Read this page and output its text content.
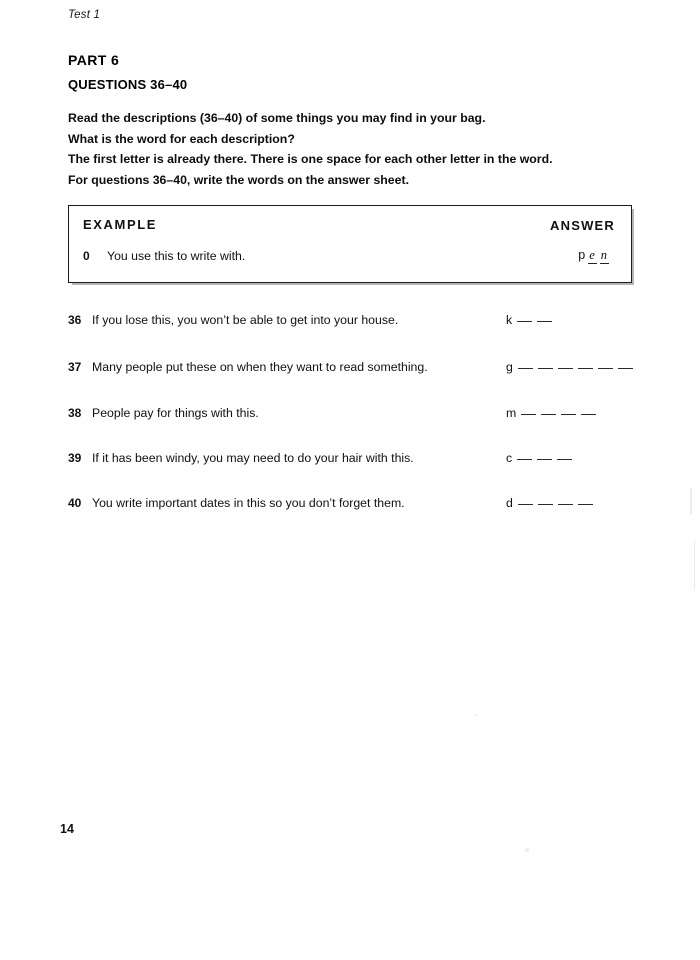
Test 1
PART 6
QUESTIONS 36–40

Read the descriptions (36–40) of some things you may find in your bag.

What is the word for each description?

The first letter is already there. There is one space for each other letter in the word.

For questions 36–40, write the words on the answer sheet.

EXAMPLE	ANSWER
0 You use this to write with.	p e n
36 If you lose this, you won’t be able to get into your house.	k
37 Many people put these on when they want to read something.	g
38 People pay for things with this.	m
39 If it has been windy, you may need to do your hair with this.	c
40 You write important dates in this so you don’t forget them.	d
14
